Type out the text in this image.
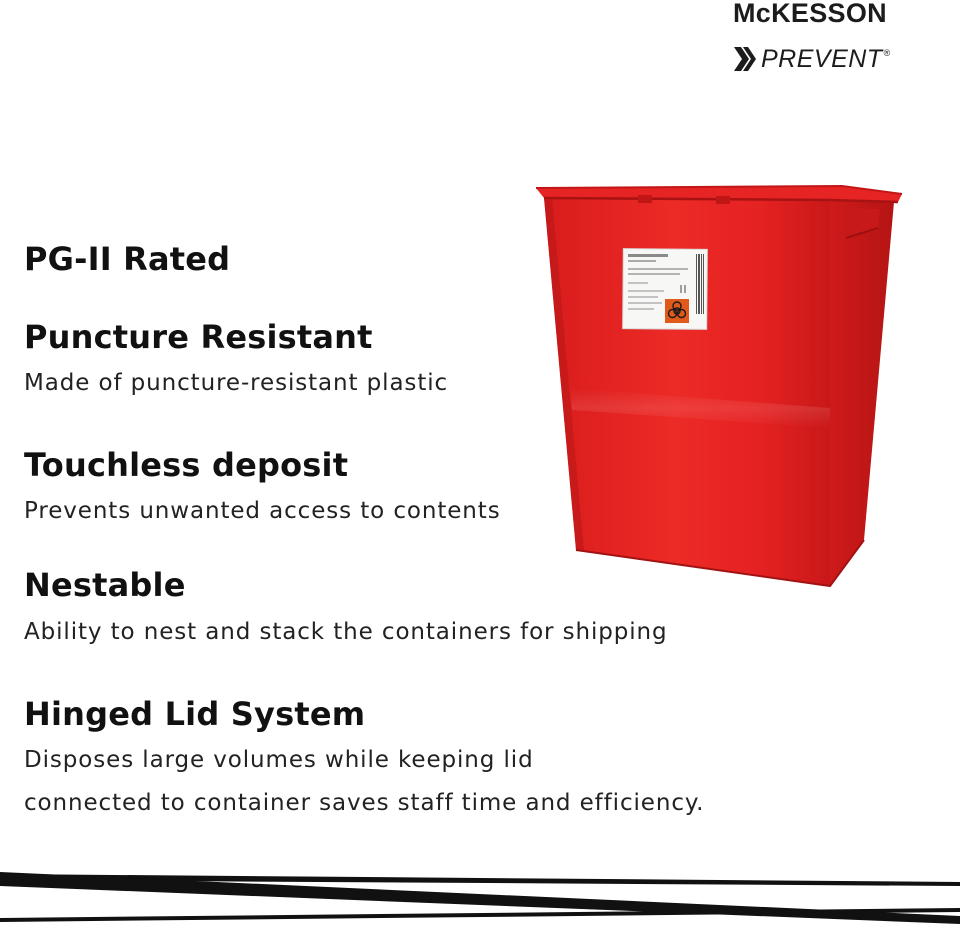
McKESSON
PREVENT ®
PG-II Rated
Puncture Resistant
Made of puncture-resistant plastic
Touchless deposit
Prevents unwanted access to contents
Nestable
Ability to nest and stack the containers for shipping
Hinged Lid System
Disposes large volumes while keeping lid
connected to container saves staff time and efficiency.
